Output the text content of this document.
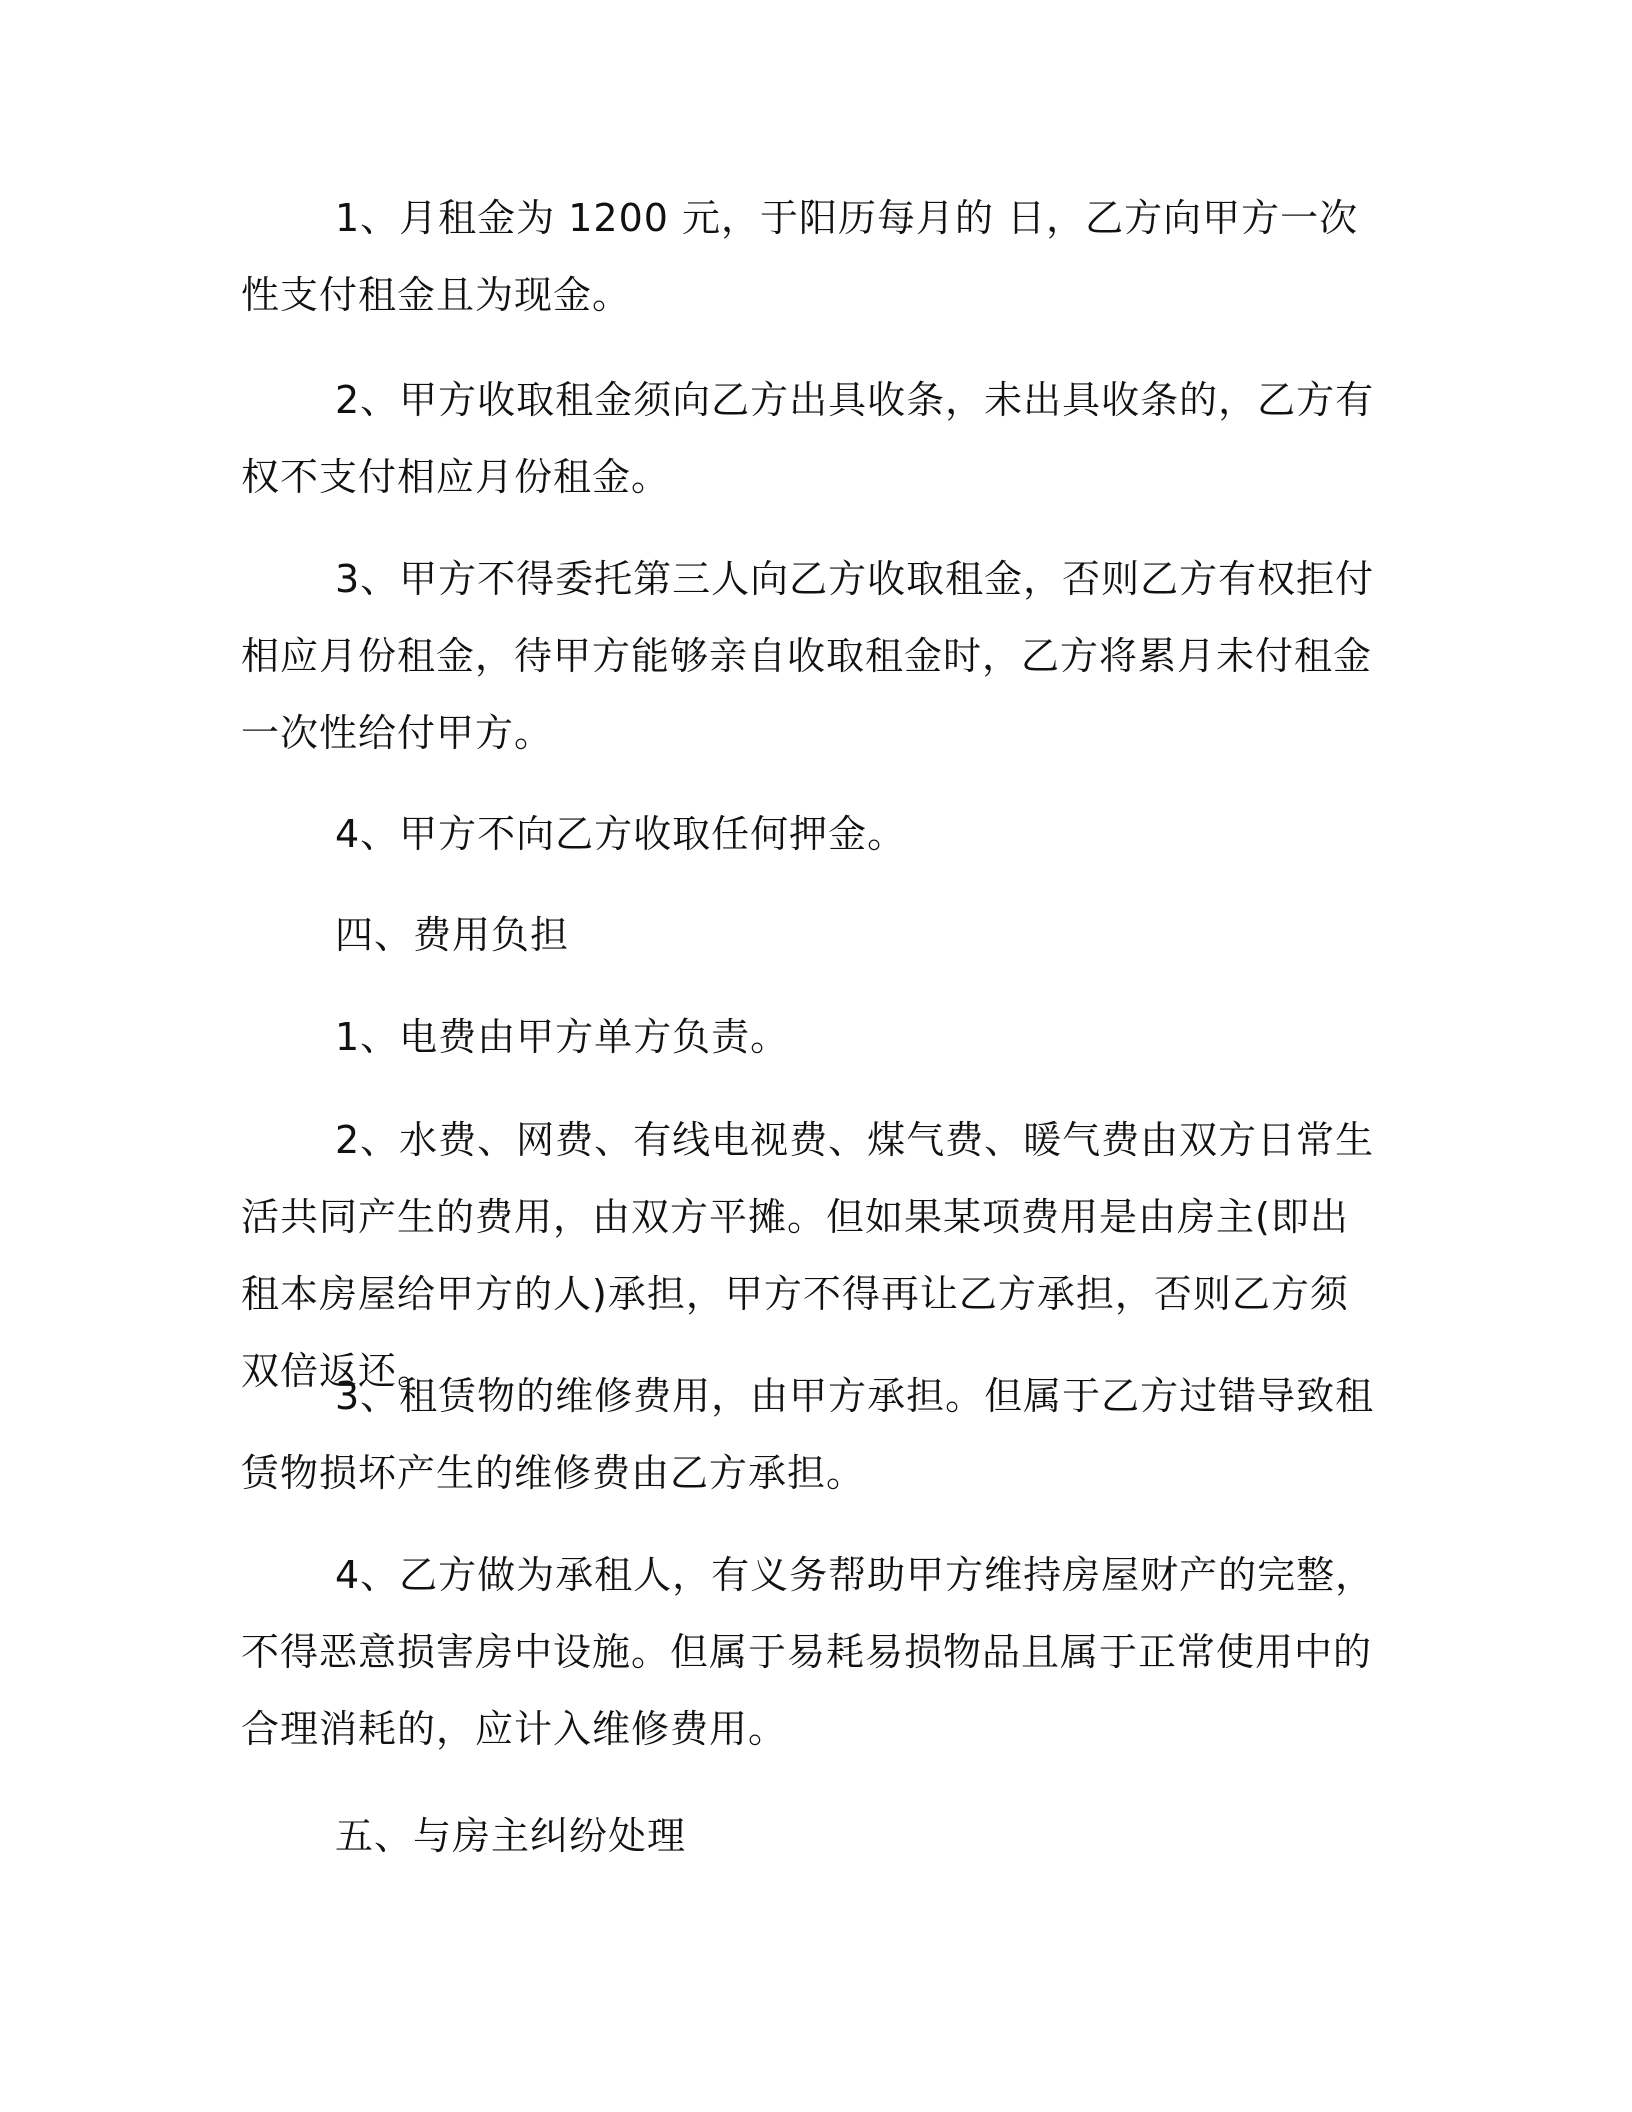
1、月租金为 1200 元，于阳历每月的 日，乙方向甲方一次性支付租金且为现金。

2、甲方收取租金须向乙方出具收条，未出具收条的，乙方有权不支付相应月份租金。

3、甲方不得委托第三人向乙方收取租金，否则乙方有权拒付相应月份租金，待甲方能够亲自收取租金时，乙方将累月未付租金一次性给付甲方。

4、甲方不向乙方收取任何押金。

四、费用负担

1、电费由甲方单方负责。

2、水费、网费、有线电视费、煤气费、暖气费由双方日常生活共同产生的费用，由双方平摊。但如果某项费用是由房主(即出租本房屋给甲方的人)承担，甲方不得再让乙方承担，否则乙方须双倍返还。

3、租赁物的维修费用，由甲方承担。但属于乙方过错导致租赁物损坏产生的维修费由乙方承担。

4、乙方做为承租人，有义务帮助甲方维持房屋财产的完整，不得恶意损害房中设施。但属于易耗易损物品且属于正常使用中的合理消耗的，应计入维修费用。

五、与房主纠纷处理
